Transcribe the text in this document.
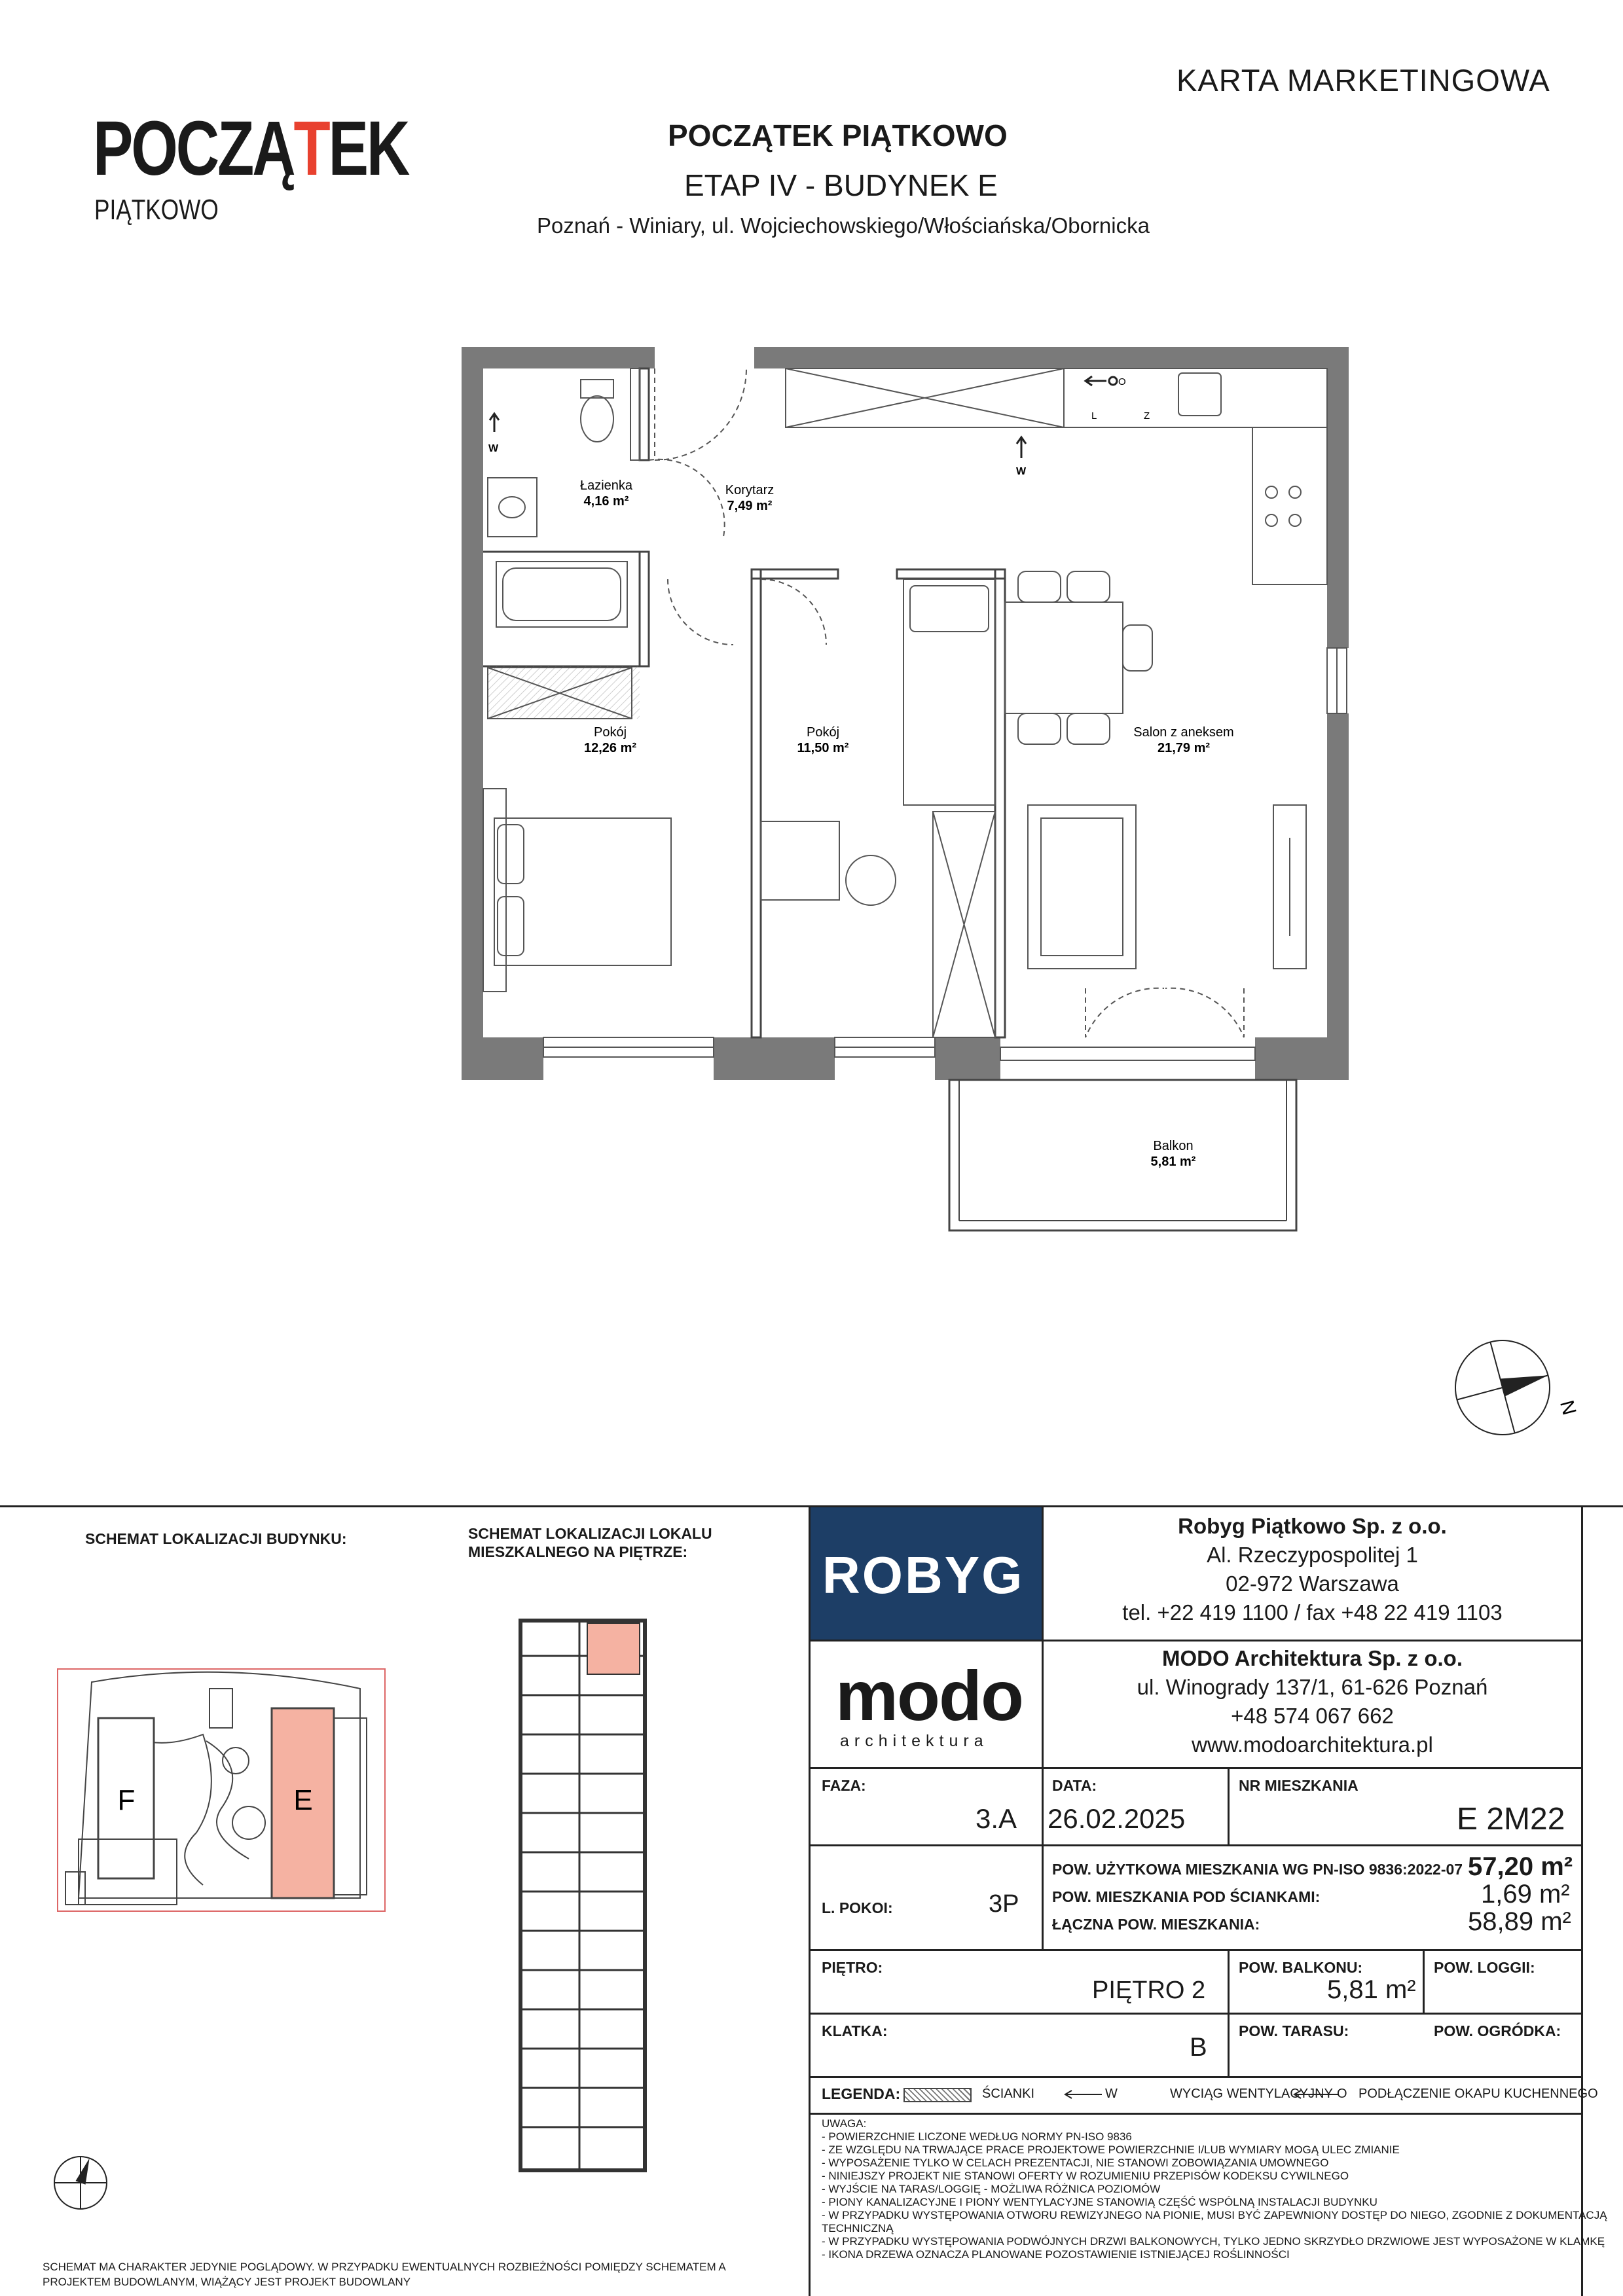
KARTA MARKETINGOWA
POCZĄTEK
PIĄTKOWO
POCZĄTEK PIĄTKOWO
ETAP IV - BUDYNEK E
Poznań - Winiary, ul. Wojciechowskiego/Włościańska/Obornicka
W
W
L	Z
O
Łazienka
4,16 m²
Korytarz
7,49 m²
Pokój
12,26 m²
Pokój
11,50 m²
Salon z aneksem
21,79 m²
Balkon
5,81 m²
N
SCHEMAT LOKALIZACJI BUDYNKU:	SCHEMAT LOKALIZACJI LOKALU
MIESZKALNEGO NA PIĘTRZE:
F	E
SCHEMAT MA CHARAKTER JEDYNIE POGLĄDOWY. W PRZYPADKU EWENTUALNYCH ROZBIEŻNOŚCI POMIĘDZY SCHEMATEM A
PROJEKTEM BUDOWLANYM, WIĄŻĄCY JEST PROJEKT BUDOWLANY
ROBYG
Robyg Piątkowo Sp. z o.o.
Al. Rzeczypospolitej 1
02-972 Warszawa
tel. +22 419 1100 / fax +48 22 419 1103
modo
architektura
MODO Architektura Sp. z o.o.
ul. Winogrady 137/1, 61-626 Poznań
+48 574 067 662
www.modoarchitektura.pl
FAZA:
3.A
DATA:
26.02.2025
NR MIESZKANIA
E 2M22
L. POKOI:	3P
POW. UŻYTKOWA MIESZKANIA WG PN-ISO 9836:2022-07 57,20 m²
POW. MIESZKANIA POD ŚCIANKAMI:	1,69 m²
ŁĄCZNA POW. MIESZKANIA:	58,89 m²
PIĘTRO:
PIĘTRO 2
POW. BALKONU:
5,81 m²
POW. LOGGII:
KLATKA:
B
POW. TARASU:	POW. OGRÓDKA:
LEGENDA:	ŚCIANKI	W	WYCIĄG WENTYLACYJNY O PODŁĄCZENIE OKAPU KUCHENNEGO
UWAGA:
- POWIERZCHNIE LICZONE WEDŁUG NORMY PN-ISO 9836
- ZE WZGLĘDU NA TRWAJĄCE PRACE PROJEKTOWE POWIERZCHNIE I/LUB WYMIARY MOGĄ ULEC ZMIANIE
- WYPOSAŻENIE TYLKO W CELACH PREZENTACJI, NIE STANOWI ZOBOWIĄZANIA UMOWNEGO
- NINIEJSZY PROJEKT NIE STANOWI OFERTY W ROZUMIENIU PRZEPISÓW KODEKSU CYWILNEGO
- WYJŚCIE NA TARAS/LOGGIĘ - MOŻLIWA RÓŻNICA POZIOMÓW
- PIONY KANALIZACYJNE I PIONY WENTYLACYJNE STANOWIĄ CZĘŚĆ WSPÓLNĄ INSTALACJI BUDYNKU
- W PRZYPADKU WYSTĘPOWANIA OTWORU REWIZYJNEGO NA PIONIE, MUSI BYĆ ZAPEWNIONY DOSTĘP DO NIEGO, ZGODNIE Z DOKUMENTACJĄ
TECHNICZNĄ
- W PRZYPADKU WYSTĘPOWANIA PODWÓJNYCH DRZWI BALKONOWYCH, TYLKO JEDNO SKRZYDŁO DRZWIOWE JEST WYPOSAŻONE W KLAMKĘ
- IKONA DRZEWA OZNACZA PLANOWANE POZOSTAWIENIE ISTNIEJĄCEJ ROŚLINNOŚCI
